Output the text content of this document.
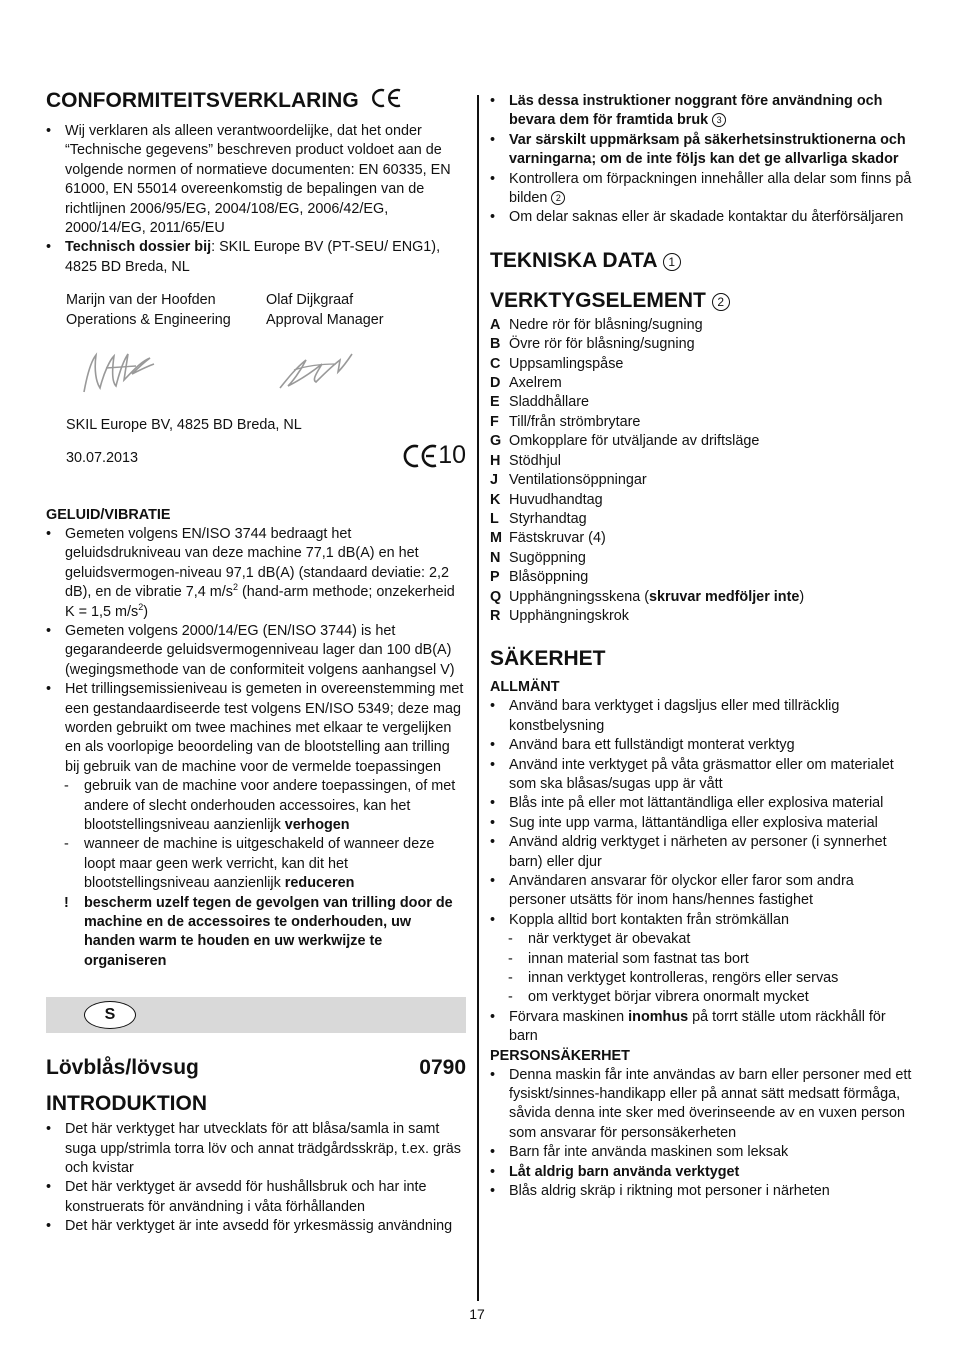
CONFORMITEITSVERKLARING
• Wij verklaren als alleen verantwoordelijke, dat het onder “Technische gegevens” beschreven product voldoet aan de volgende normen of normatieve documenten: EN 60335, EN 61000, EN 55014 overeenkomstig de bepalingen van de richtlijnen 2006/95/EG, 2004/108/EG, 2006/42/EG, 2000/14/EG, 2011/65/EU
• Technisch dossier bij: SKIL Europe BV (PT-SEU/ ENG1), 4825 BD Breda, NL
Marijn van der Hoofden
Operations & Engineering
Olaf Dijkgraaf
Approval Manager
SKIL Europe BV, 4825 BD Breda, NL
30.07.2013	10
GELUID/VIBRATIE
• Gemeten volgens EN/ISO 3744 bedraagt het geluidsdrukniveau van deze machine 77,1 dB(A) en het geluidsvermogen-niveau 97,1 dB(A) (standaard deviatie: 2,2 dB), en de vibratie 7,4 $m/s^2$ (hand-arm methode; onzekerheid K = 1,5 $m/s^2$)
• Gemeten volgens 2000/14/EG (EN/ISO 3744) is het gegarandeerde geluidsvermogenniveau lager dan 100 dB(A) (wegingsmethode van de conformiteit volgens aanhangsel V)
• Het trillingsemissieniveau is gemeten in overeenstemming met een gestandaardiseerde test volgens EN/ISO 5349; deze mag worden gebruikt om twee machines met elkaar te vergelijken en als voorlopige beoordeling van de blootstelling aan trilling bij gebruik van de machine voor de vermelde toepassingen
- gebruik van de machine voor andere toepassingen, of met andere of slecht onderhouden accessoires, kan het blootstellingsniveau aanzienlijk verhogen
- wanneer de machine is uitgeschakeld of wanneer deze loopt maar geen werk verricht, kan dit het blootstellingsniveau aanzienlijk reduceren
! bescherm uzelf tegen de gevolgen van trilling door de machine en de accessoires te onderhouden, uw handen warm te houden en uw werkwijze te organiseren
S
Lövblås/lövsug	0790
INTRODUKTION
• Det här verktyget har utvecklats för att blåsa/samla in samt suga upp/strimla torra löv och annat trädgårdsskräp, t.ex. gräs och kvistar
• Det här verktyget är avsedd för hushållsbruk och har inte konstruerats för användning i våta förhållanden
• Det här verktyget är inte avsedd för yrkesmässig användning
• Läs dessa instruktioner noggrant före användning och bevara dem för framtida bruk 3
• Var särskilt uppmärksam på säkerhetsinstruktionerna och varningarna; om de inte följs kan det ge allvarliga skador
• Kontrollera om förpackningen innehåller alla delar som finns på bilden 2
• Om delar saknas eller är skadade kontaktar du återförsäljaren
TEKNISKA DATA 1
VERKTYGSELEMENT 2
A Nedre rör för blåsning/sugning
B Övre rör för blåsning/sugning
C Uppsamlingspåse
D Axelrem
E Sladdhållare
F Till/från strömbrytare
G Omkopplare för utväljande av driftsläge
H Stödhjul
J Ventilationsöppningar
K Huvudhandtag
L Styrhandtag
M Fästskruvar (4)
N Sugöppning
P Blåsöppning
Q Upphängningsskena (skruvar medföljer inte)
R Upphängningskrok
SÄKERHET
ALLMÄNT
• Använd bara verktyget i dagsljus eller med tillräcklig konstbelysning
• Använd bara ett fullständigt monterat verktyg
• Använd inte verktyget på våta gräsmattor eller om materialet som ska blåsas/sugas upp är vått
• Blås inte på eller mot lättantändliga eller explosiva material
• Sug inte upp varma, lättantändliga eller explosiva material
• Använd aldrig verktyget i närheten av personer (i synnerhet barn) eller djur
• Användaren ansvarar för olyckor eller faror som andra personer utsätts för inom hans/hennes fastighet
• Koppla alltid bort kontakten från strömkällan
- när verktyget är obevakat
- innan material som fastnat tas bort
- innan verktyget kontrolleras, rengörs eller servas
- om verktyget börjar vibrera onormalt mycket
• Förvara maskinen inomhus på torrt ställe utom räckhåll för barn
PERSONSÄKERHET
• Denna maskin får inte användas av barn eller personer med ett fysiskt/sinnes-handikapp eller på annat sätt medsatt förmåga, såvida denna inte sker med överinseende av en vuxen person som ansvarar för personsäkerheten
• Barn får inte använda maskinen som leksak
• Låt aldrig barn använda verktyget
• Blås aldrig skräp i riktning mot personer i närheten
17
